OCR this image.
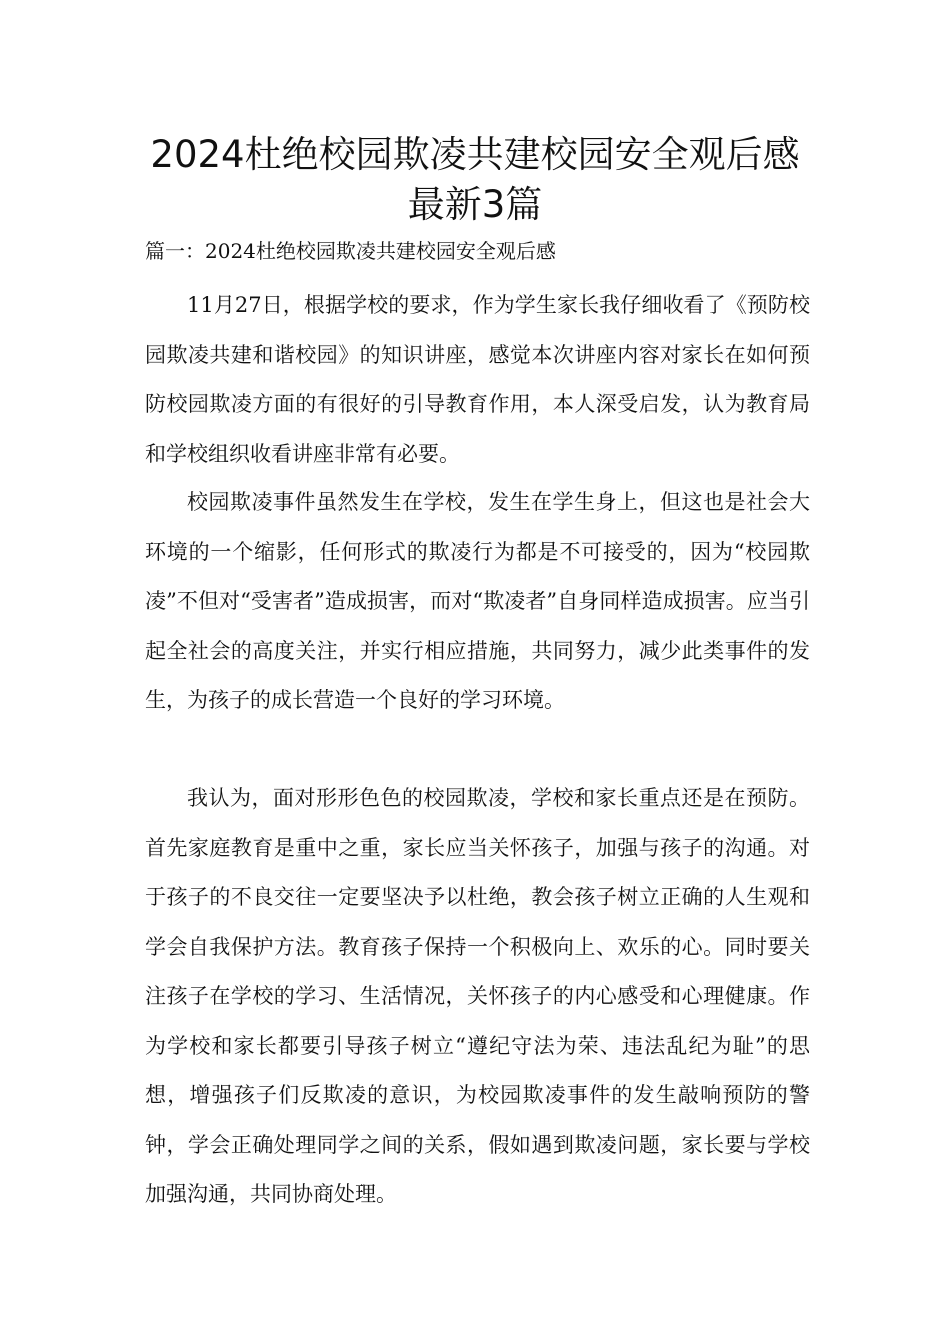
2024杜绝校园欺凌共建校园安全观后感
最新3篇

篇一：2024杜绝校园欺凌共建校园安全观后感

11月27日，根据学校的要求，作为学生家长我仔细收看了《预防校园欺凌共建和谐校园》的知识讲座，感觉本次讲座内容对家长在如何预防校园欺凌方面的有很好的引导教育作用，本人深受启发，认为教育局和学校组织收看讲座非常有必要。

校园欺凌事件虽然发生在学校，发生在学生身上，但这也是社会大环境的一个缩影，任何形式的欺凌行为都是不可接受的，因为“校园欺凌”不但对“受害者”造成损害，而对“欺凌者”自身同样造成损害。应当引起全社会的高度关注，并实行相应措施，共同努力，减少此类事件的发生，为孩子的成长营造一个良好的学习环境。

我认为，面对形形色色的校园欺凌，学校和家长重点还是在预防。首先家庭教育是重中之重，家长应当关怀孩子，加强与孩子的沟通。对于孩子的不良交往一定要坚决予以杜绝，教会孩子树立正确的人生观和学会自我保护方法。教育孩子保持一个积极向上、欢乐的心。同时要关注孩子在学校的学习、生活情况，关怀孩子的内心感受和心理健康。作为学校和家长都要引导孩子树立“遵纪守法为荣、违法乱纪为耻”的思想，增强孩子们反欺凌的意识，为校园欺凌事件的发生敲响预防的警钟，学会正确处理同学之间的关系，假如遇到欺凌问题，家长要与学校加强沟通，共同协商处理。
